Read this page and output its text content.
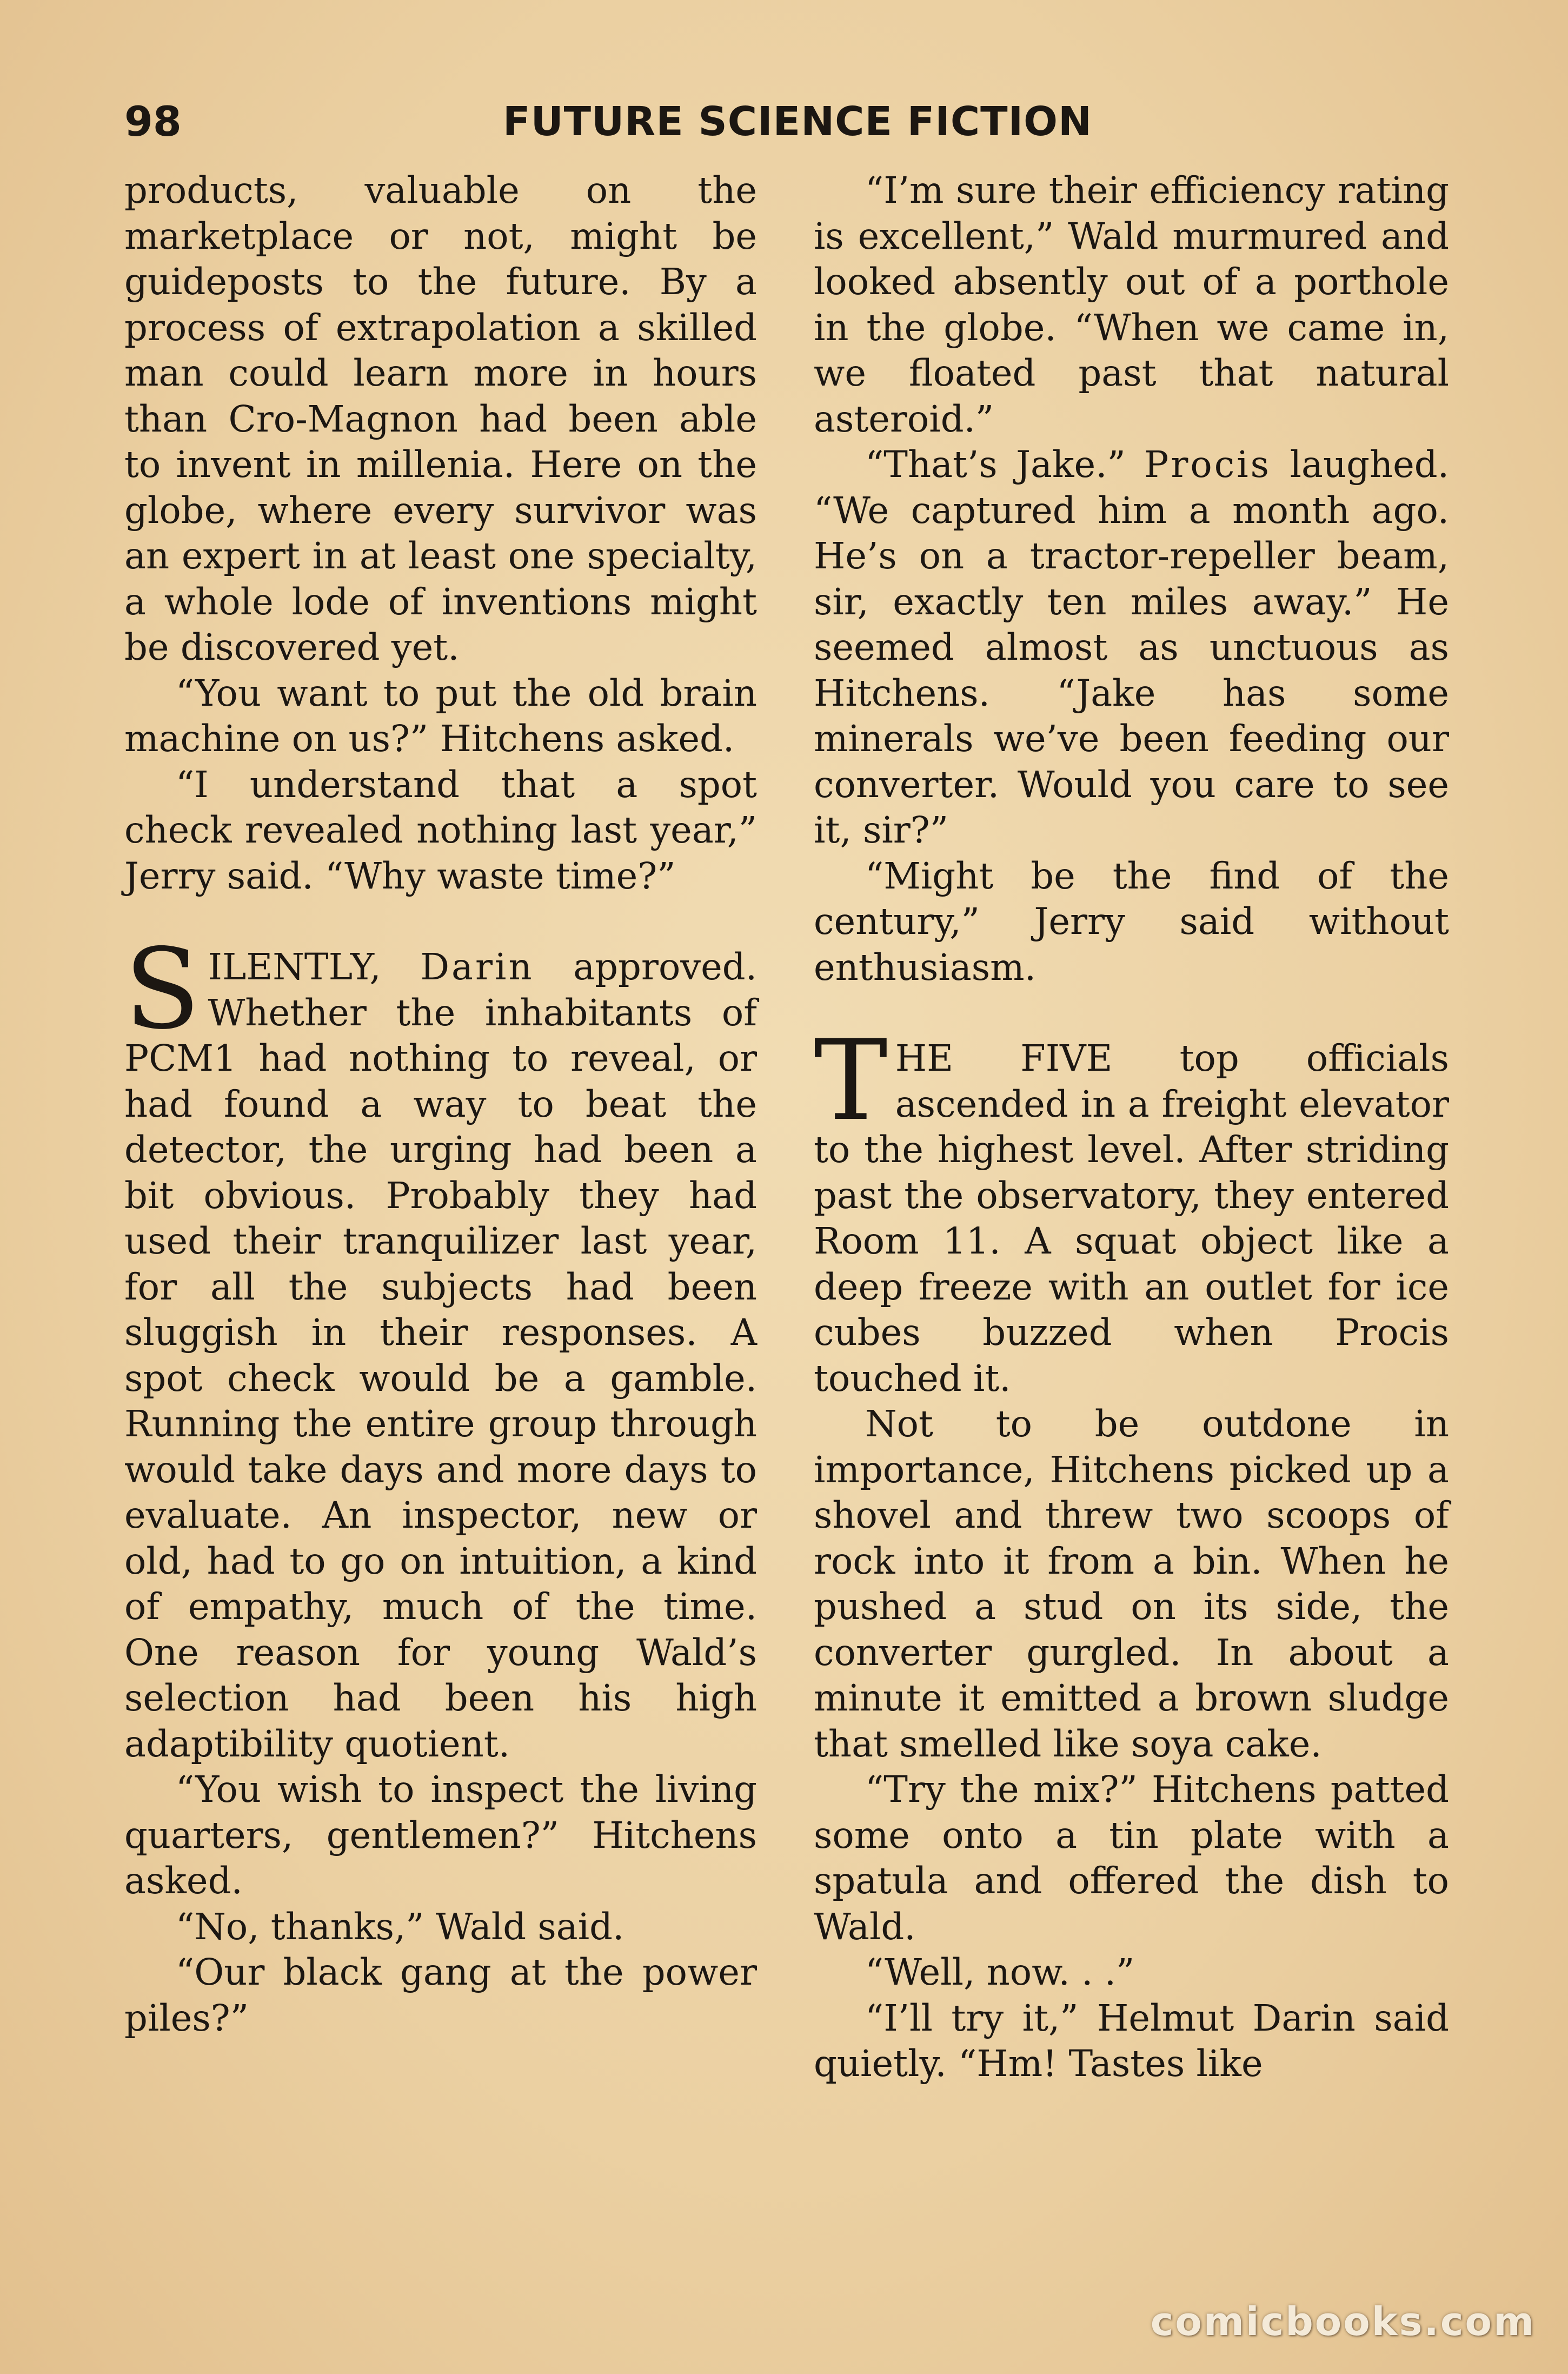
98	FUTURE SCIENCE FICTION

products, valuable on the marketplace or not, might be guideposts to the future. By a process of extrapolation a skilled man could learn more in hours than Cro-Magnon had been able to invent in millenia. Here on the globe, where every survivor was an expert in at least one specialty, a whole lode of inventions might be discovered yet.

“You want to put the old brain machine on us?” Hitchens asked.

“I understand that a spot check revealed nothing last year,” Jerry said. “Why waste time?”

SILENTLY, Darin approved. Whether the inhabitants of PCM1 had nothing to reveal, or had found a way to beat the detector, the urging had been a bit obvious. Probably they had used their tranquilizer last year, for all the subjects had been sluggish in their responses. A spot check would be a gamble. Running the entire group through would take days and more days to evaluate. An inspector, new or old, had to go on intuition, a kind of empathy, much of the time. One reason for young Wald’s selection had been his high adaptibility quotient.

“You wish to inspect the living quarters, gentlemen?” Hitchens asked.

“No, thanks,” Wald said.

“Our black gang at the power piles?”

“I’m sure their efficiency rating is excellent,” Wald murmured and looked absently out of a porthole in the globe. “When we came in, we floated past that natural asteroid.”

“That’s Jake.” Procis laughed. “We captured him a month ago. He’s on a tractor-repeller beam, sir, exactly ten miles away.” He seemed almost as unctuous as Hitchens. “Jake has some minerals we’ve been feeding our converter. Would you care to see it, sir?”

“Might be the find of the century,” Jerry said without enthusiasm.

THE FIVE top officials ascended in a freight elevator to the highest level. After striding past the observatory, they entered Room 11. A squat object like a deep freeze with an outlet for ice cubes buzzed when Procis touched it.

Not to be outdone in importance, Hitchens picked up a shovel and threw two scoops of rock into it from a bin. When he pushed a stud on its side, the converter gurgled. In about a minute it emitted a brown sludge that smelled like soya cake.

“Try the mix?” Hitchens patted some onto a tin plate with a spatula and offered the dish to Wald.

“Well, now. . .”

“I’ll try it,” Helmut Darin said quietly. “Hm! Tastes like

comicbooks.com
